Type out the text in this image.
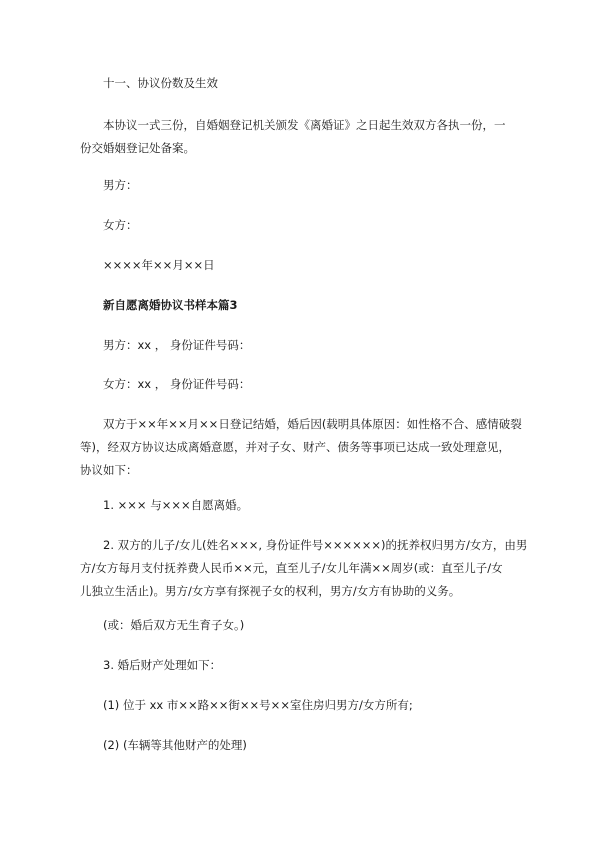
十一、协议份数及生效

本协议一式三份，自婚姻登记机关颁发《离婚证》之日起生效双方各执一份，一
份交婚姻登记处备案。

男方：

女方：

××××年××月××日

新自愿离婚协议书样本篇3

男方：xx ， 身份证件号码：

女方：xx ， 身份证件号码：

双方于××年××月××日登记结婚，婚后因(载明具体原因：如性格不合、感情破裂
等)，经双方协议达成离婚意愿，并对子女、财产、债务等事项已达成一致处理意见，
协议如下：

1. ××× 与×××自愿离婚。

2. 双方的儿子/女儿(姓名×××, 身份证件号××××××)的抚养权归男方/女方，由男
方/女方每月支付抚养费人民币××元，直至儿子/女儿年满××周岁(或：直至儿子/女
儿独立生活止)。男方/女方享有探视子女的权利，男方/女方有协助的义务。

(或：婚后双方无生育子女。)

3. 婚后财产处理如下：

(1) 位于 xx 市××路××街××号××室住房归男方/女方所有;

(2) (车辆等其他财产的处理)
